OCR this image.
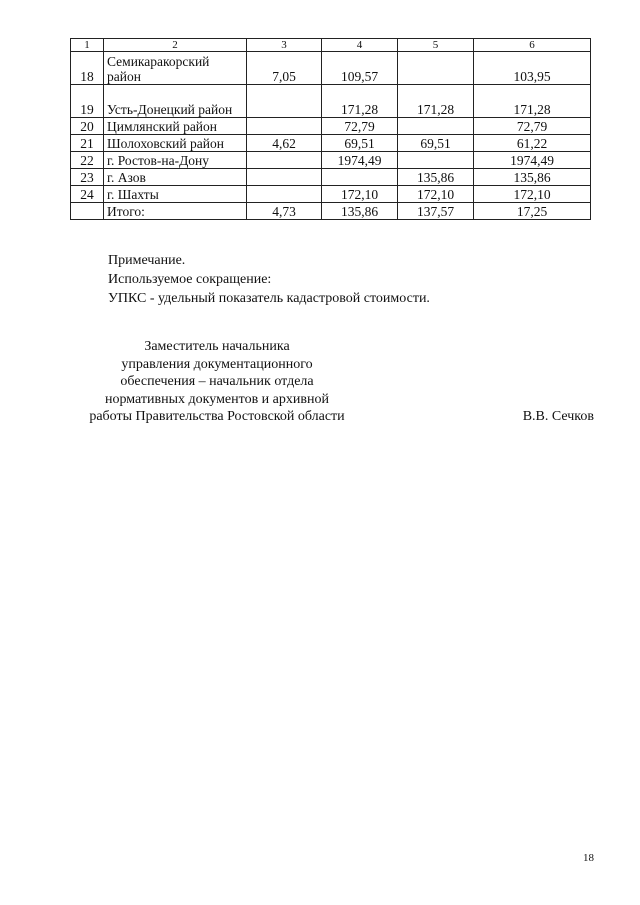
1	2	3	4	5	6
18	Семикаракорский район	7,05	109,57		103,95
19	Усть-Донецкий район		171,28	171,28	171,28
20	Цимлянский район		72,79		72,79
21	Шолоховский район	4,62	69,51	69,51	61,22
22	г. Ростов-на-Дону		1974,49		1974,49
23	г. Азов			135,86	135,86
24	г. Шахты		172,10	172,10	172,10
	Итого:	4,73	135,86	137,57	17,25
Примечание.
Используемое сокращение:
УПКС - удельный показатель кадастровой стоимости.
Заместитель начальника
управления документационного
обеспечения – начальник отдела
нормативных документов и архивной
работы Правительства Ростовской области	В.В. Сечков
18
